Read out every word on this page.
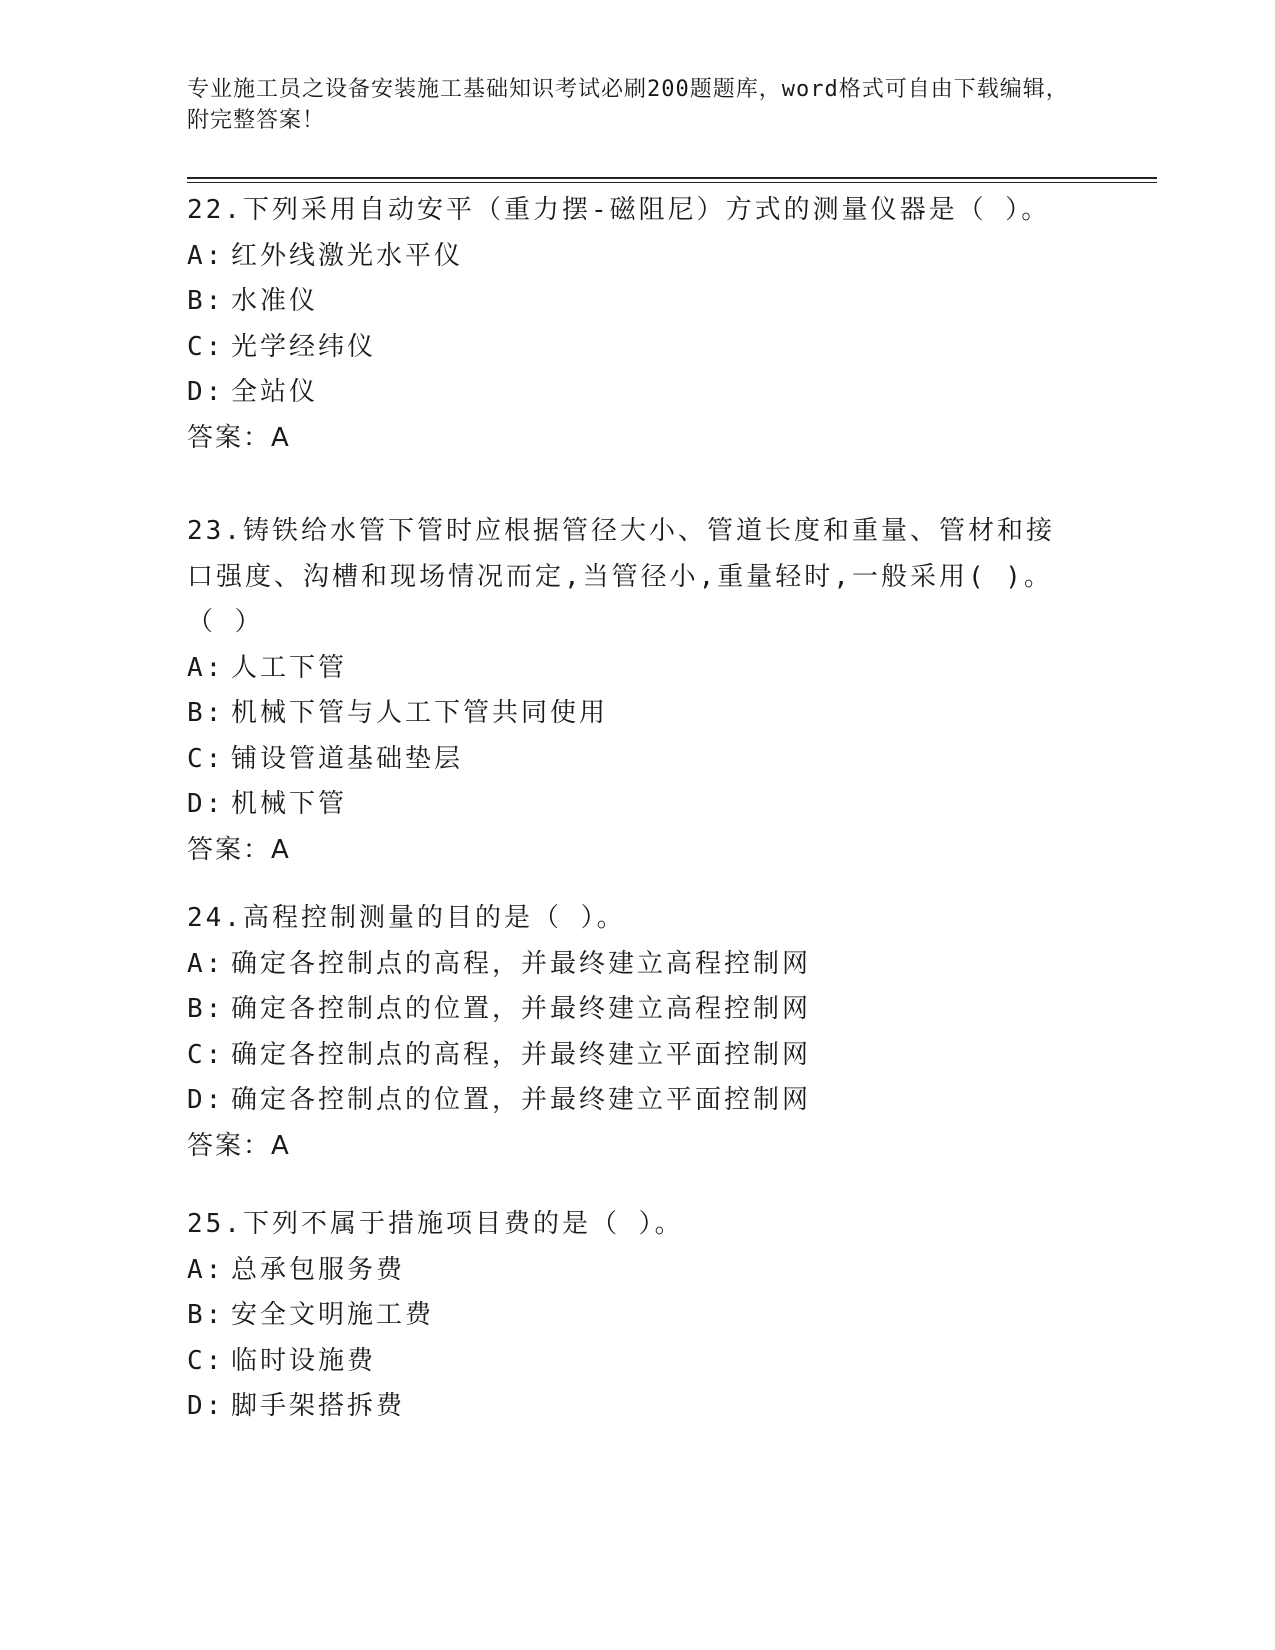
专业施工员之设备安装施工基础知识考试必刷200题题库，word格式可自由下载编辑，附完整答案！
22.下列采用自动安平（重力摆-磁阻尼）方式的测量仪器是（ ）。
A: 红外线激光水平仪
B: 水准仪
C: 光学经纬仪
D: 全站仪
答案：A
23.铸铁给水管下管时应根据管径大小、管道长度和重量、管材和接口强度、沟槽和现场情况而定,当管径小,重量轻时,一般采用( )。（ ）
A: 人工下管
B: 机械下管与人工下管共同使用
C: 铺设管道基础垫层
D: 机械下管
答案：A
24.高程控制测量的目的是（ ）。
A: 确定各控制点的高程，并最终建立高程控制网
B: 确定各控制点的位置，并最终建立高程控制网
C: 确定各控制点的高程，并最终建立平面控制网
D: 确定各控制点的位置，并最终建立平面控制网
答案：A
25.下列不属于措施项目费的是（ ）。
A: 总承包服务费
B: 安全文明施工费
C: 临时设施费
D: 脚手架搭拆费
